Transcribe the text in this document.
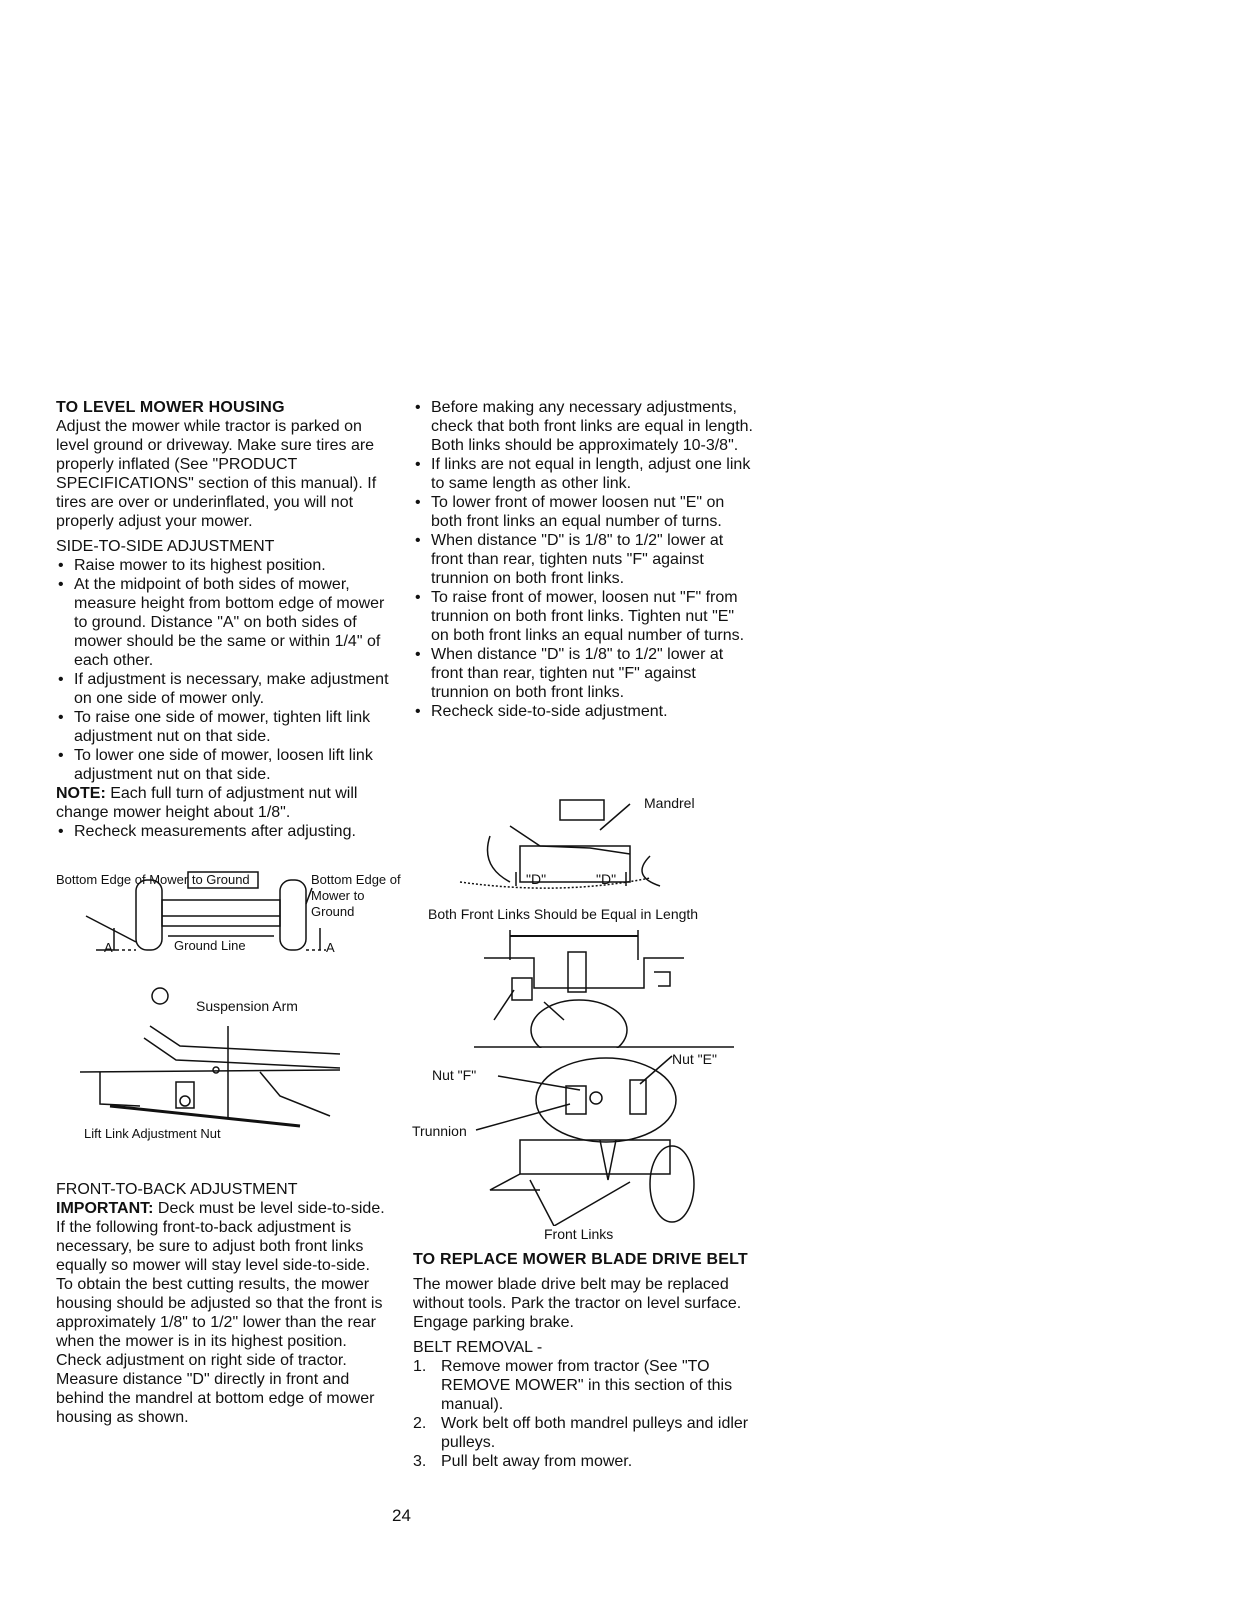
TO LEVEL MOWER HOUSING

Adjust the mower while tractor is parked on level ground or driveway. Make sure tires are properly inflated (See "PRODUCT SPECIFICATIONS" section of this manual). If tires are over or underinflated, you will not properly adjust your mower.

SIDE-TO-SIDE ADJUSTMENT

• Raise mower to its highest position.
• At the midpoint of both sides of mower, measure height from bottom edge of mower to ground. Distance "A" on both sides of mower should be the same or within 1/4" of each other.
• If adjustment is necessary, make adjustment on one side of mower only.
• To raise one side of mower, tighten lift link adjustment nut on that side.
• To lower one side of mower, loosen lift link adjustment nut on that side.

NOTE: Each full turn of adjustment nut will change mower height about 1/8".

• Recheck measurements after adjusting.
Bottom Edge of Mower to Ground	Bottom Edge of Mower to Ground
Ground Line
A	A
Suspension Arm
Lift Link Adjustment Nut

FRONT-TO-BACK ADJUSTMENT

IMPORTANT: Deck must be level side-to-side. If the following front-to-back adjustment is necessary, be sure to adjust both front links equally so mower will stay level side-to-side.

To obtain the best cutting results, the mower housing should be adjusted so that the front is approximately 1/8" to 1/2" lower than the rear when the mower is in its highest position.

Check adjustment on right side of tractor. Measure distance "D" directly in front and behind the mandrel at bottom edge of mower housing as shown.

• Before making any necessary adjustments, check that both front links are equal in length. Both links should be approximately 10-3/8".
• If links are not equal in length, adjust one link to same length as other link.
• To lower front of mower loosen nut "E" on both front links an equal number of turns.
• When distance "D" is 1/8" to 1/2" lower at front than rear, tighten nuts "F" against trunnion on both front links.
• To raise front of mower, loosen nut "F" from trunnion on both front links. Tighten nut "E" on both front links an equal number of turns.
• When distance "D" is 1/8" to 1/2" lower at front than rear, tighten nut "F" against trunnion on both front links.
• Recheck side-to-side adjustment.
Mandrel
"D"	"D"
Both Front Links Should be Equal in Length
Nut "F"
Nut "E"
Trunnion
Front Links
TO REPLACE MOWER BLADE DRIVE BELT

The mower blade drive belt may be replaced without tools. Park the tractor on level surface. Engage parking brake.

BELT REMOVAL -

1. Remove mower from tractor (See "TO REMOVE MOWER" in this section of this manual).
2. Work belt off both mandrel pulleys and idler pulleys.
3. Pull belt away from mower.
24
